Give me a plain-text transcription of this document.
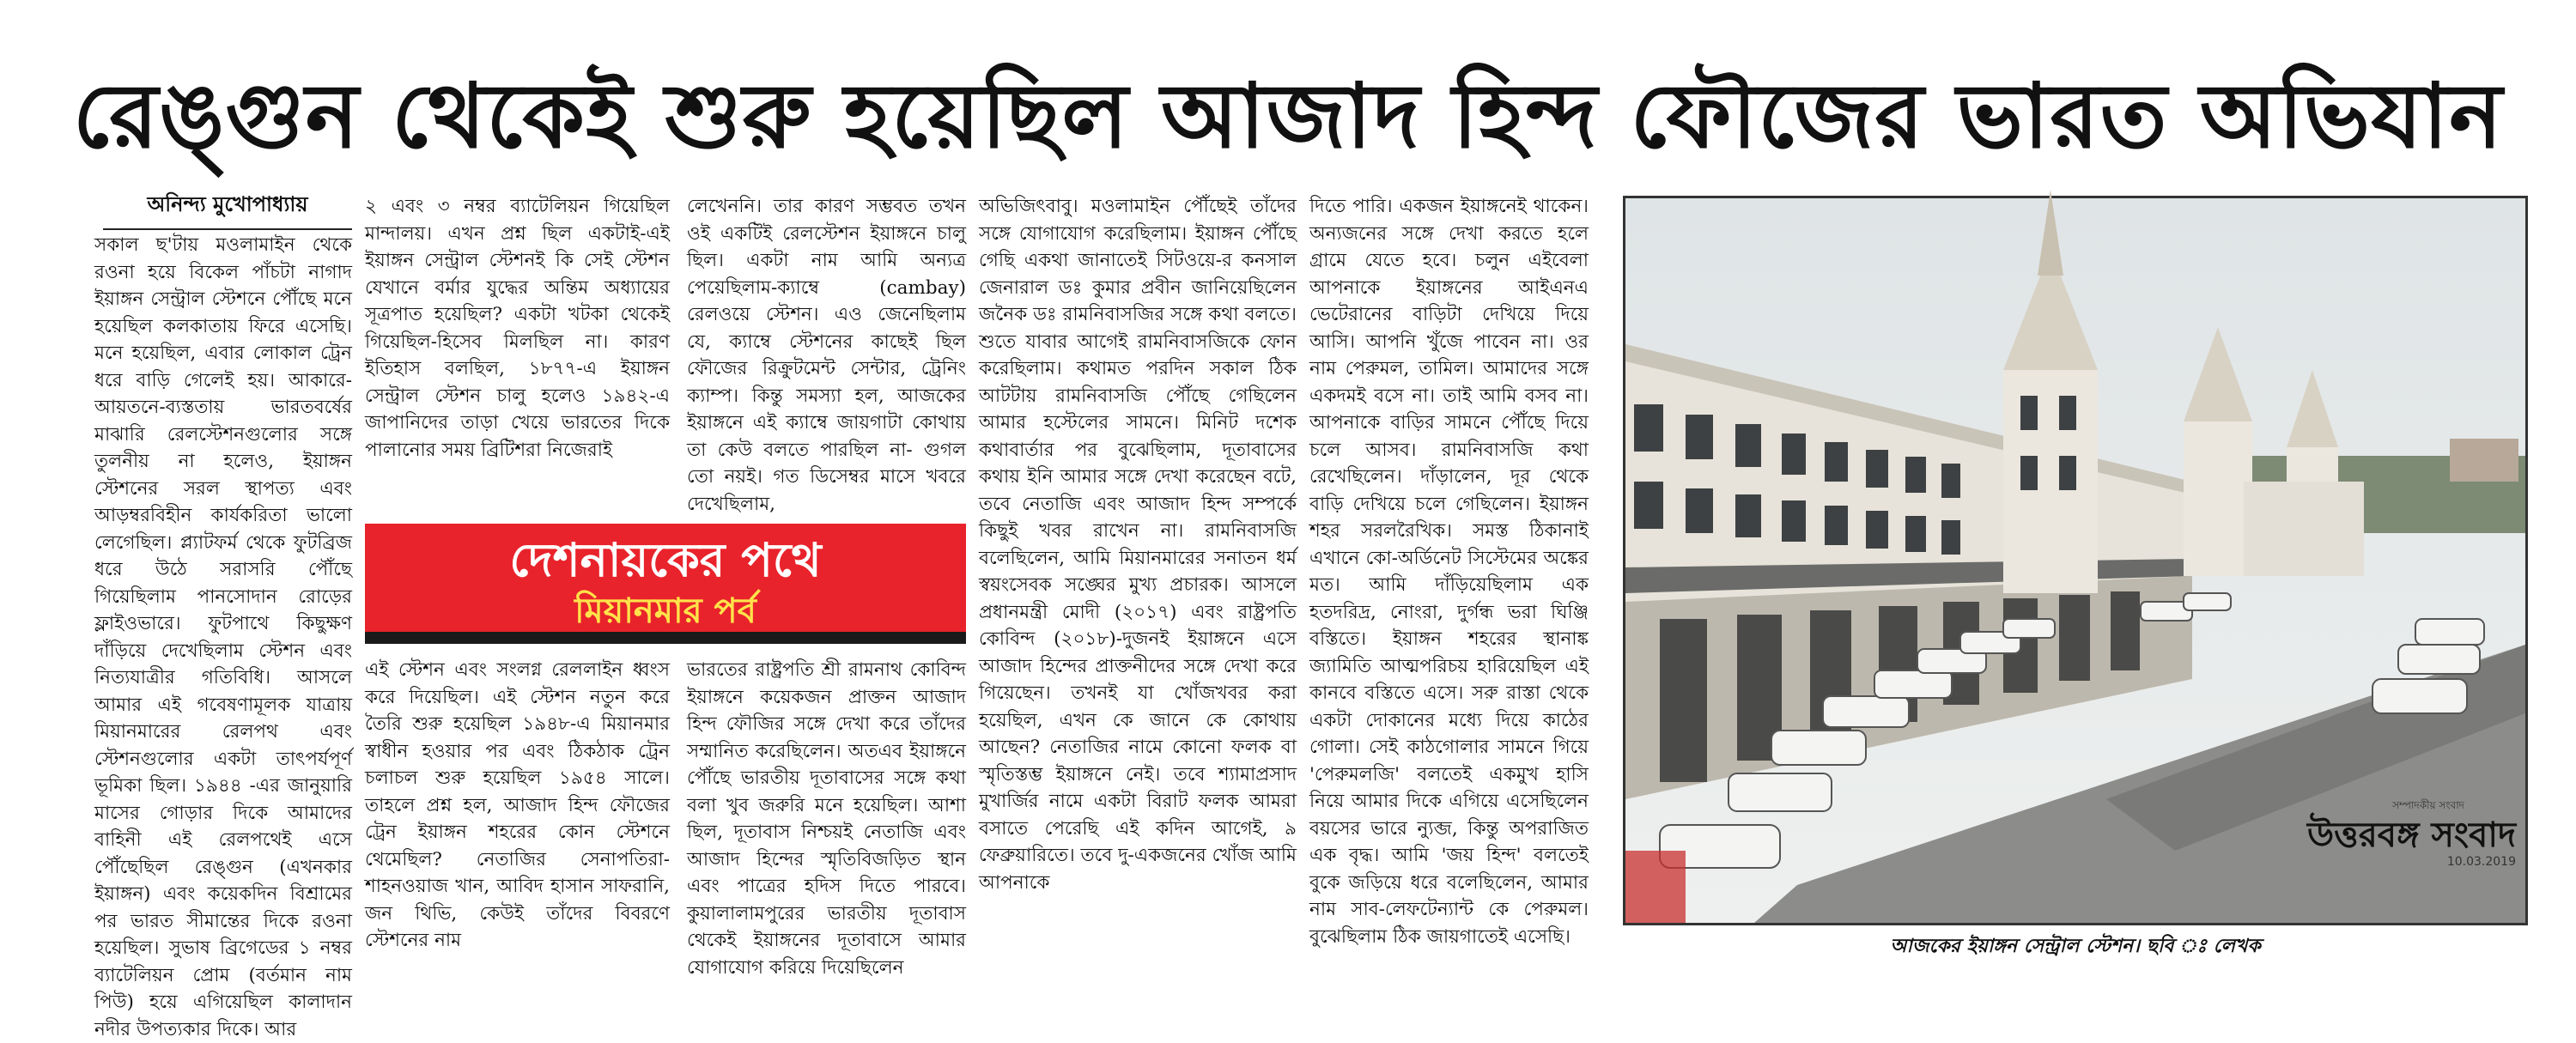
রেঙ্গুন থেকেই শুরু হয়েছিল আজাদ হিন্দ ফৌজের ভারত অভিযান
অনিন্দ্য মুখোপাধ্যায়

সকাল ছ'টায় মওলামাইন থেকে রওনা হয়ে বিকেল পাঁচটা নাগাদ ইয়াঙ্গন সেন্ট্রাল স্টেশনে পৌঁছে মনে হয়েছিল কলকাতায় ফিরে এসেছি। মনে হয়েছিল, এবার লোকাল ট্রেন ধরে বাড়ি গেলেই হয়। আকারে-আয়তনে-ব্যস্ততায় ভারতবর্ষের মাঝারি রেলস্টেশনগুলোর সঙ্গে তুলনীয় না হলেও, ইয়াঙ্গন স্টেশনের সরল স্থাপত্য এবং আড়ম্বরবিহীন কার্যকরিতা ভালো লেগেছিল। প্ল্যাটফর্ম থেকে ফুটব্রিজ ধরে উঠে সরাসরি পৌঁছে গিয়েছিলাম পানসোদান রোড়ের ফ্লাইওভারে। ফুটপাথে কিছুক্ষণ দাঁড়িয়ে দেখেছিলাম স্টেশন এবং নিত্যযাত্রীর গতিবিধি। আসলে আমার এই গবেষণামূলক যাত্রায় মিয়ানমারের রেলপথ এবং স্টেশনগুলোর একটা তাৎপর্যপূর্ণ ভূমিকা ছিল। ১৯৪৪ -এর জানুয়ারি মাসের গোড়ার দিকে আমাদের বাহিনী এই রেলপথেই এসে পৌঁছেছিল রেঙ্গুন (এখনকার ইয়াঙ্গন) এবং কয়েকদিন বিশ্রামের পর ভারত সীমান্তের দিকে রওনা হয়েছিল। সুভাষ ব্রিগেডের ১ নম্বর ব্যাটেলিয়ন প্রোম (বর্তমান নাম পিউ) হয়ে এগিয়েছিল কালাদান নদীর উপত্যকার দিকে। আর

২ এবং ৩ নম্বর ব্যাটেলিয়ন গিয়েছিল মান্দালয়। এখন প্রশ্ন ছিল একটাই-এই ইয়াঙ্গন সেন্ট্রাল স্টেশনই কি সেই স্টেশন যেখানে বর্মার যুদ্ধের অন্তিম অধ্যায়ের সূত্রপাত হয়েছিল? একটা খটকা থেকেই গিয়েছিল-হিসেব মিলছিল না। কারণ ইতিহাস বলছিল, ১৮৭৭-এ ইয়াঙ্গন সেন্ট্রাল স্টেশন চালু হলেও ১৯৪২-এ জাপানিদের তাড়া খেয়ে ভারতের দিকে পালানোর সময় ব্রিটিশরা নিজেরাই

লেখেননি। তার কারণ সম্ভবত তখন ওই একটিই রেলস্টেশন ইয়াঙ্গনে চালু ছিল। একটা নাম আমি অন্যত্র পেয়েছিলাম-ক্যাম্বে (cambay) রেলওয়ে স্টেশন। এও জেনেছিলাম যে, ক্যাম্বে স্টেশনের কাছেই ছিল ফৌজের রিক্রুটমেন্ট সেন্টার, ট্রেনিং ক্যাম্প। কিন্তু সমস্যা হল, আজকের ইয়াঙ্গনে এই ক্যাম্বে জায়গাটা কোথায় তা কেউ বলতে পারছিল না- গুগল তো নয়ই। গত ডিসেম্বর মাসে খবরে দেখেছিলাম,

দেশনায়কের পথে
মিয়ানমার পর্ব

এই স্টেশন এবং সংলগ্ন রেললাইন ধ্বংস করে দিয়েছিল। এই স্টেশন নতুন করে তৈরি শুরু হয়েছিল ১৯৪৮-এ মিয়ানমার স্বাধীন হওয়ার পর এবং ঠিকঠাক ট্রেন চলাচল শুরু হয়েছিল ১৯৫৪ সালে। তাহলে প্রশ্ন হল, আজাদ হিন্দ ফৌজের ট্রেন ইয়াঙ্গন শহরের কোন স্টেশনে থেমেছিল? নেতাজির সেনাপতিরা-শাহনওয়াজ খান, আবিদ হাসান সাফরানি, জন থিভি, কেউই তাঁদের বিবরণে স্টেশনের নাম

ভারতের রাষ্ট্রপতি শ্রী রামনাথ কোবিন্দ ইয়াঙ্গনে কয়েকজন প্রাক্তন আজাদ হিন্দ ফৌজির সঙ্গে দেখা করে তাঁদের সম্মানিত করেছিলেন। অতএব ইয়াঙ্গনে পৌঁছে ভারতীয় দূতাবাসের সঙ্গে কথা বলা খুব জরুরি মনে হয়েছিল। আশা ছিল, দূতাবাস নিশ্চয়ই নেতাজি এবং আজাদ হিন্দের স্মৃতিবিজড়িত স্থান এবং পাত্রের হদিস দিতে পারবে। কুয়ালালামপুরের ভারতীয় দূতাবাস থেকেই ইয়াঙ্গনের দূতাবাসে আমার যোগাযোগ করিয়ে দিয়েছিলেন

অভিজিৎবাবু। মওলামাইন পৌঁছেই তাঁদের সঙ্গে যোগাযোগ করেছিলাম। ইয়াঙ্গন পৌঁছে গেছি একথা জানাতেই সিটওয়ে-র কনসাল জেনারাল ডঃ কুমার প্রবীন জানিয়েছিলেন জনৈক ডঃ রামনিবাসজির সঙ্গে কথা বলতে। শুতে যাবার আগেই রামনিবাসজিকে ফোন করেছিলাম। কথামত পরদিন সকাল ঠিক আটটায় রামনিবাসজি পৌঁছে গেছিলেন আমার হস্টেলের সামনে। মিনিট দশেক কথাবার্তার পর বুঝেছিলাম, দূতাবাসের কথায় ইনি আমার সঙ্গে দেখা করেছেন বটে, তবে নেতাজি এবং আজাদ হিন্দ সম্পর্কে কিছুই খবর রাখেন না। রামনিবাসজি বলেছিলেন, আমি মিয়ানমারের সনাতন ধর্ম স্বয়ংসেবক সঙ্ঘের মুখ্য প্রচারক। আসলে প্রধানমন্ত্রী মোদী (২০১৭) এবং রাষ্ট্রপতি কোবিন্দ (২০১৮)-দুজনই ইয়াঙ্গনে এসে আজাদ হিন্দের প্রাক্তনীদের সঙ্গে দেখা করে গিয়েছেন। তখনই যা খোঁজখবর করা হয়েছিল, এখন কে জানে কে কোথায় আছেন? নেতাজির নামে কোনো ফলক বা স্মৃতিস্তম্ভ ইয়াঙ্গনে নেই। তবে শ্যামাপ্রসাদ মুখার্জির নামে একটা বিরাট ফলক আমরা বসাতে পেরেছি এই কদিন আগেই, ৯ ফেব্রুয়ারিতে। তবে দু-একজনের খোঁজ আমি আপনাকে

দিতে পারি। একজন ইয়াঙ্গনেই থাকেন। অন্যজনের সঙ্গে দেখা করতে হলে গ্রামে যেতে হবে। চলুন এইবেলা আপনাকে ইয়াঙ্গনের আইএনএ ভেটেরানের বাড়িটা দেখিয়ে দিয়ে আসি। আপনি খুঁজে পাবেন না। ওর নাম পেরুমল, তামিল। আমাদের সঙ্গে একদমই বসে না। তাই আমি বসব না। আপনাকে বাড়ির সামনে পৌঁছে দিয়ে চলে আসব। রামনিবাসজি কথা রেখেছিলেন। দাঁড়ালেন, দূর থেকে বাড়ি দেখিয়ে চলে গেছিলেন। ইয়াঙ্গন শহর সরলরৈখিক। সমস্ত ঠিকানাই এখানে কো-অর্ডিনেট সিস্টেমের অঙ্কের মত। আমি দাঁড়িয়েছিলাম এক হতদরিদ্র, নোংরা, দুর্গন্ধ ভরা ঘিঞ্জি বস্তিতে। ইয়াঙ্গন শহরের স্থানাঙ্ক জ্যামিতি আত্মপরিচয় হারিয়েছিল এই কানবে বস্তিতে এসে। সরু রাস্তা থেকে একটা দোকানের মধ্যে দিয়ে কাঠের গোলা। সেই কাঠগোলার সামনে গিয়ে 'পেরুমলজি' বলতেই একমুখ হাসি নিয়ে আমার দিকে এগিয়ে এসেছিলেন বয়সের ভারে ন্যুব্জ, কিন্তু অপরাজিত এক বৃদ্ধ। আমি 'জয় হিন্দ' বলতেই বুকে জড়িয়ে ধরে বলেছিলেন, আমার নাম সাব-লেফটেন্যান্ট কে পেরুমল। বুঝেছিলাম ঠিক জায়গাতেই এসেছি।

সম্পাদকীয় সংবাদ
উত্তরবঙ্গ সংবাদ
10.03.2019
আজকের ইয়াঙ্গন সেন্ট্রাল স্টেশন। ছবি ঃ লেখক
